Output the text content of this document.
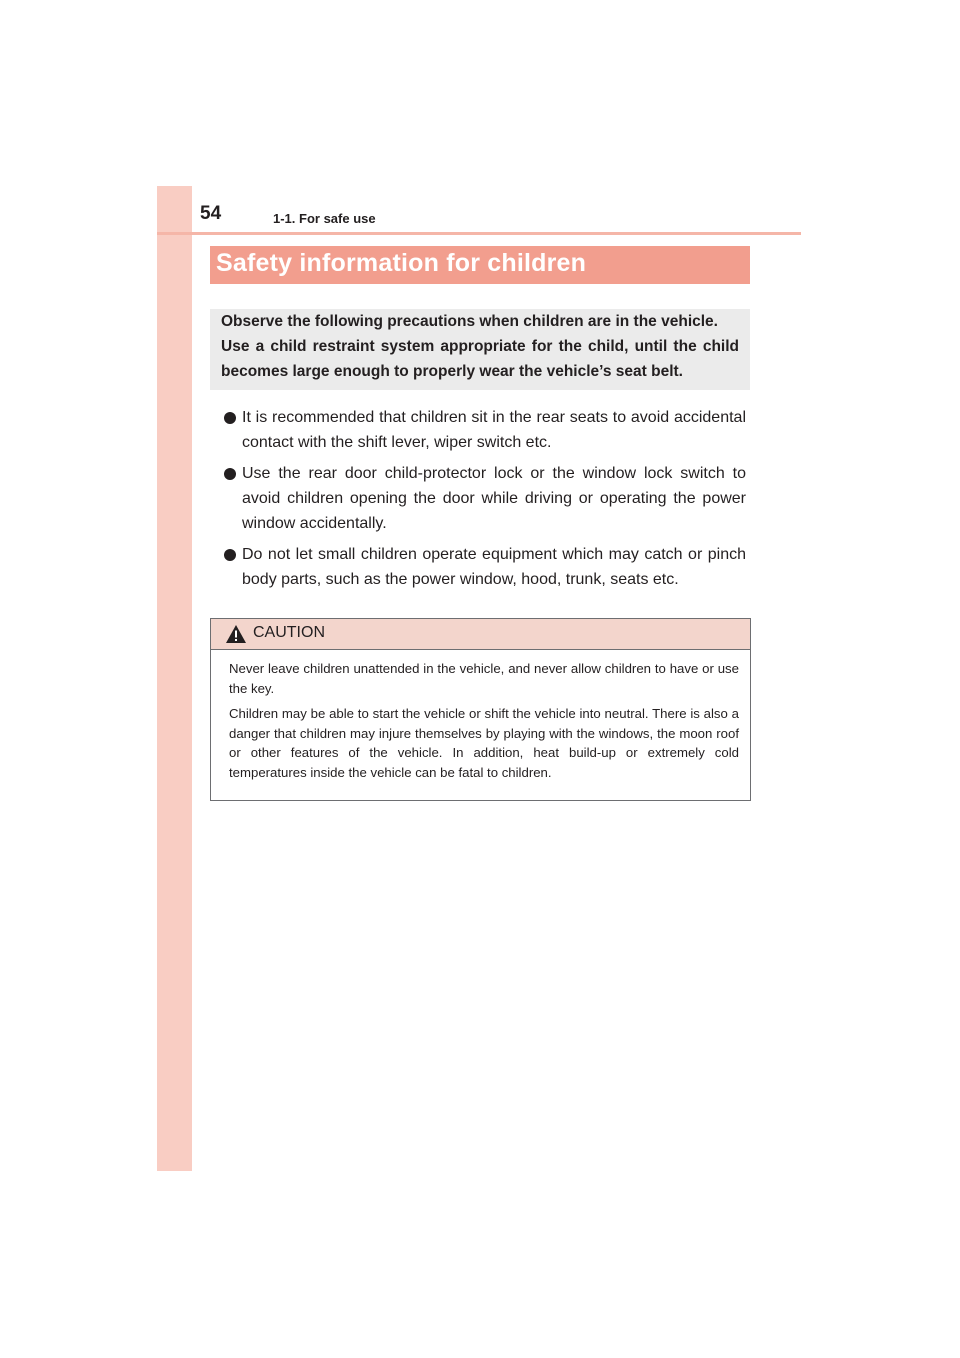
54	1-1. For safe use
Safety information for children
Observe the following precautions when children are in the vehicle.
Use a child restraint system appropriate for the child, until the child becomes large enough to properly wear the vehicle’s seat belt.
It is recommended that children sit in the rear seats to avoid accidental contact with the shift lever, wiper switch etc.
Use the rear door child-protector lock or the window lock switch to avoid children opening the door while driving or operating the power window accidentally.
Do not let small children operate equipment which may catch or pinch body parts, such as the power window, hood, trunk, seats etc.
CAUTION

Never leave children unattended in the vehicle, and never allow children to have or use the key.

Children may be able to start the vehicle or shift the vehicle into neutral. There is also a danger that children may injure themselves by playing with the windows, the moon roof or other features of the vehicle. In addition, heat build-up or extremely cold temperatures inside the vehicle can be fatal to children.
